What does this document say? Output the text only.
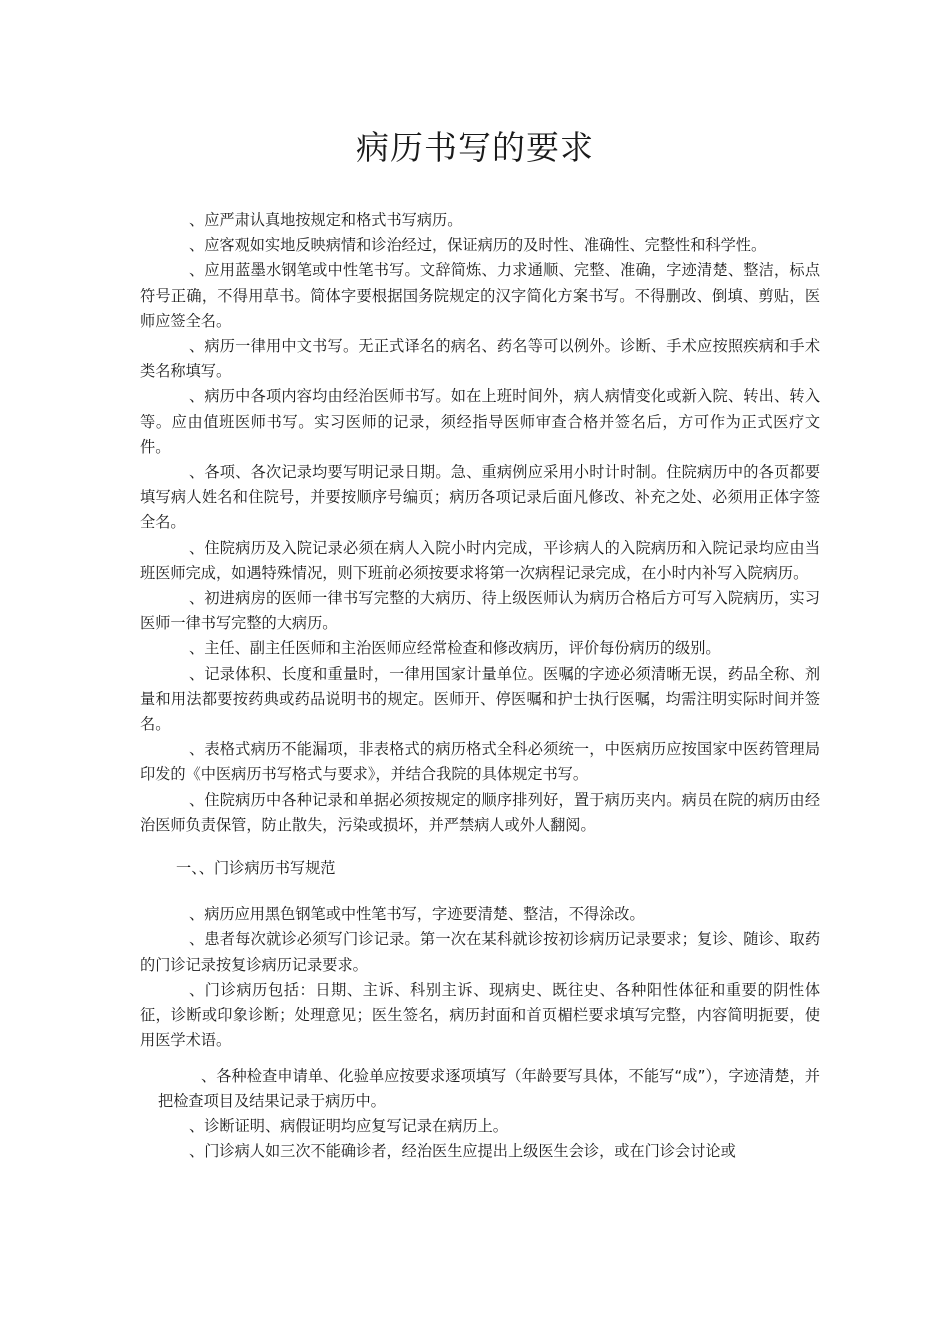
病历书写的要求

、应严肃认真地按规定和格式书写病历。

、应客观如实地反映病情和诊治经过，保证病历的及时性、准确性、完整性和科学性。

、应用蓝墨水钢笔或中性笔书写。文辞简炼、力求通顺、完整、准确，字迹清楚、整洁，标点符号正确，不得用草书。简体字要根据国务院规定的汉字简化方案书写。不得删改、倒填、剪贴，医师应签全名。

、病历一律用中文书写。无正式译名的病名、药名等可以例外。诊断、手术应按照疾病和手术类名称填写。

、病历中各项内容均由经治医师书写。如在上班时间外，病人病情变化或新入院、转出、转入等。应由值班医师书写。实习医师的记录，须经指导医师审查合格并签名后，方可作为正式医疗文件。

、各项、各次记录均要写明记录日期。急、重病例应采用小时计时制。住院病历中的各页都要填写病人姓名和住院号，并要按顺序号编页；病历各项记录后面凡修改、补充之处、必须用正体字签全名。

、住院病历及入院记录必须在病人入院小时内完成，平诊病人的入院病历和入院记录均应由当班医师完成，如遇特殊情况，则下班前必须按要求将第一次病程记录完成，在小时内补写入院病历。

、初进病房的医师一律书写完整的大病历、待上级医师认为病历合格后方可写入院病历，实习医师一律书写完整的大病历。

、主任、副主任医师和主治医师应经常检查和修改病历，评价每份病历的级别。

、记录体积、长度和重量时，一律用国家计量单位。医嘱的字迹必须清晰无误，药品全称、剂量和用法都要按药典或药品说明书的规定。医师开、停医嘱和护士执行医嘱，均需注明实际时间并签名。

、表格式病历不能漏项，非表格式的病历格式全科必须统一，中医病历应按国家中医药管理局印发的《中医病历书写格式与要求》，并结合我院的具体规定书写。

、住院病历中各种记录和单据必须按规定的顺序排列好，置于病历夹内。病员在院的病历由经治医师负责保管，防止散失，污染或损坏，并严禁病人或外人翻阅。

一、、门诊病历书写规范

、病历应用黑色钢笔或中性笔书写，字迹要清楚、整洁，不得涂改。

、患者每次就诊必须写门诊记录。第一次在某科就诊按初诊病历记录要求；复诊、随诊、取药的门诊记录按复诊病历记录要求。

、门诊病历包括：日期、主诉、科别主诉、现病史、既往史、各种阳性体征和重要的阴性体征，诊断或印象诊断；处理意见；医生签名，病历封面和首页楣栏要求填写完整，内容简明扼要，使用医学术语。

、各种检查申请单、化验单应按要求逐项填写（年龄要写具体，不能写“成”），字迹清楚，并把检查项目及结果记录于病历中。

、诊断证明、病假证明均应复写记录在病历上。

、门诊病人如三次不能确诊者，经治医生应提出上级医生会诊，或在门诊会讨论或
